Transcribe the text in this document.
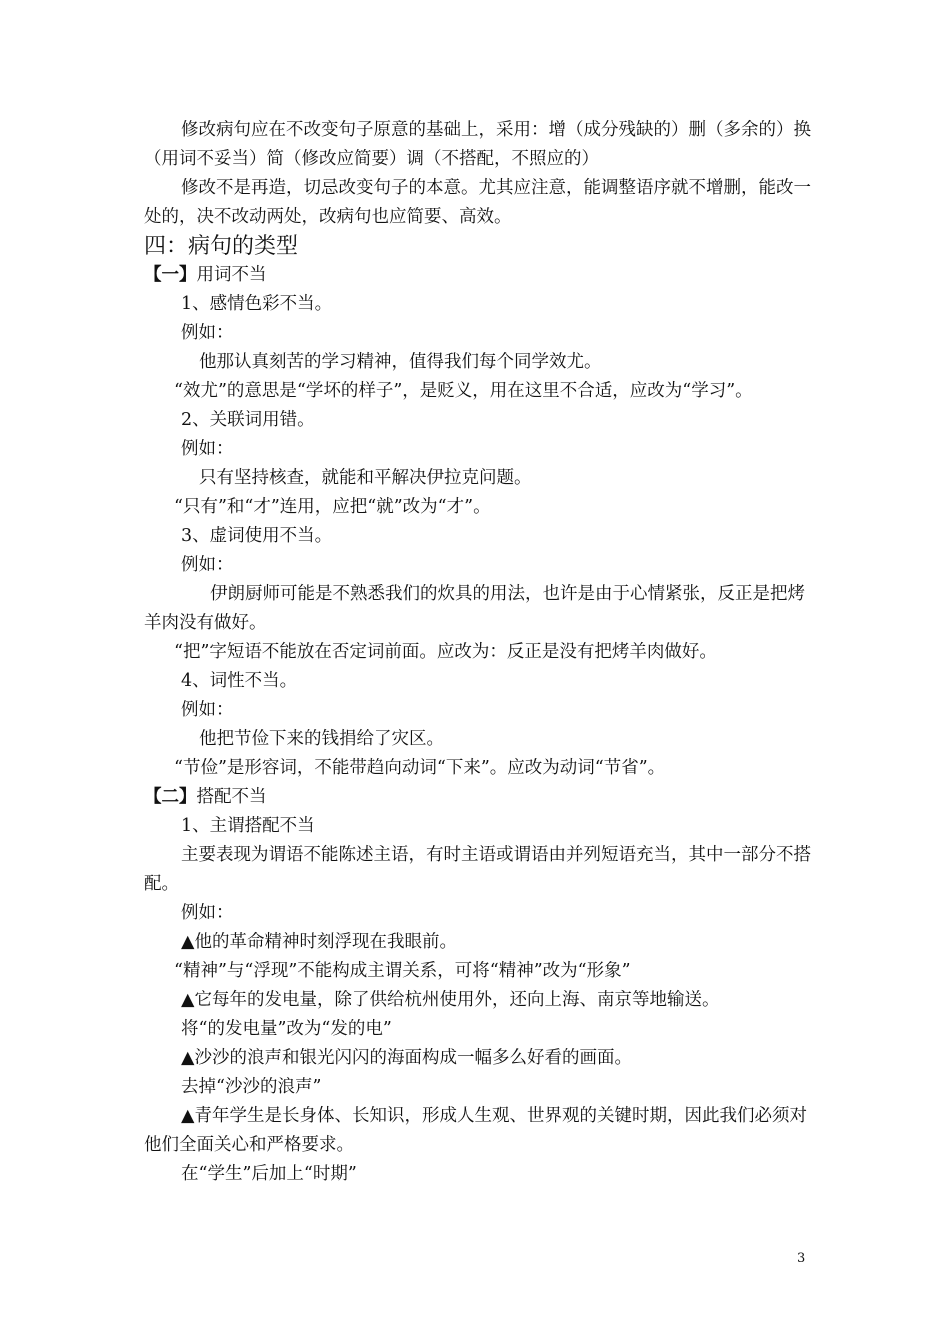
修改病句应在不改变句子原意的基础上，采用：增（成分残缺的）删（多余的）换（用词不妥当）简（修改应简要）调（不搭配，不照应的）

修改不是再造，切忌改变句子的本意。尤其应注意，能调整语序就不增删，能改一处的，决不改动两处，改病句也应简要、高效。

四：病句的类型

【一】用词不当

1、感情色彩不当。

例如：

他那认真刻苦的学习精神，值得我们每个同学效尤。

“效尤”的意思是“学坏的样子”，是贬义，用在这里不合适，应改为“学习”。

2、关联词用错。

例如：

只有坚持核查，就能和平解决伊拉克问题。

“只有”和“才”连用，应把“就”改为“才”。

3、虚词使用不当。

例如：

伊朗厨师可能是不熟悉我们的炊具的用法，也许是由于心情紧张，反正是把烤羊肉没有做好。

“把”字短语不能放在否定词前面。应改为：反正是没有把烤羊肉做好。

4、词性不当。

例如：

他把节俭下来的钱捐给了灾区。

“节俭”是形容词，不能带趋向动词“下来”。应改为动词“节省”。

【二】搭配不当

1、主谓搭配不当

主要表现为谓语不能陈述主语，有时主语或谓语由并列短语充当，其中一部分不搭配。

例如：

▲他的革命精神时刻浮现在我眼前。

“精神”与“浮现”不能构成主谓关系，可将“精神”改为“形象”

▲它每年的发电量，除了供给杭州使用外，还向上海、南京等地输送。

将“的发电量”改为“发的电”

▲沙沙的浪声和银光闪闪的海面构成一幅多么好看的画面。

去掉“沙沙的浪声”

▲青年学生是长身体、长知识，形成人生观、世界观的关键时期，因此我们必须对他们全面关心和严格要求。

在“学生”后加上“时期”

3
